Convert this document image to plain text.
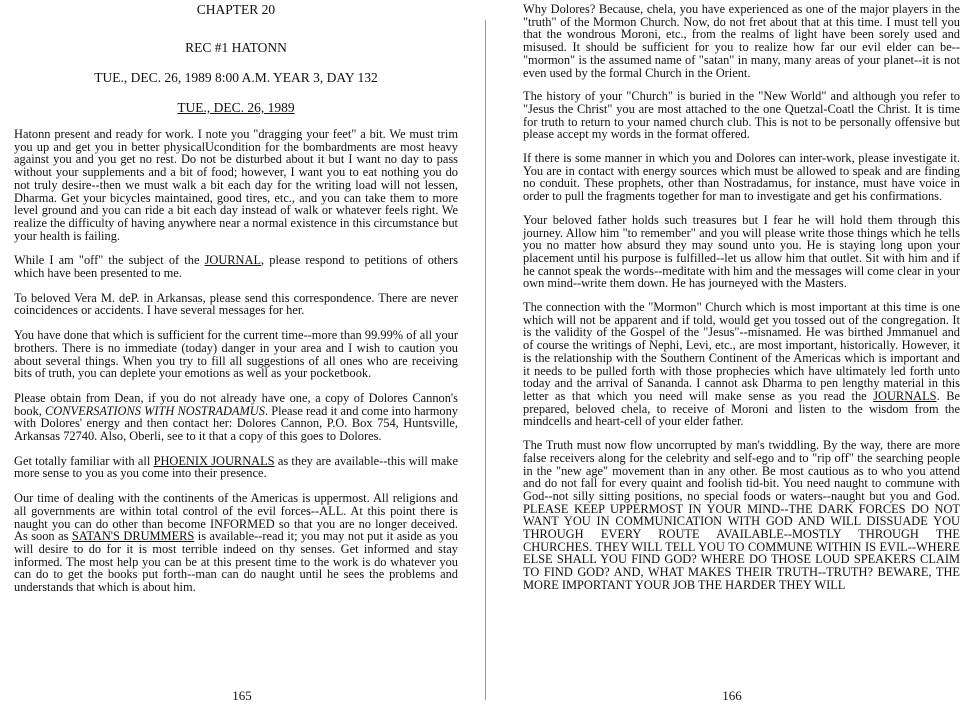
CHAPTER 20
REC #1 HATONN
TUE., DEC. 26, 1989 8:00 A.M. YEAR 3, DAY 132
TUE., DEC. 26, 1989

Hatonn present and ready for work. I note you "dragging your feet" a bit. We must trim you up and get you in better physicalUcondition for the bombardments are most heavy against you and you get no rest. Do not be disturbed about it but I want no day to pass without your supplements and a bit of food; however, I want you to eat nothing you do not truly desire--then we must walk a bit each day for the writing load will not lessen, Dharma. Get your bicycles maintained, good tires, etc., and you can take them to more level ground and you can ride a bit each day instead of walk or whatever feels right. We realize the difficulty of having anywhere near a normal existence in this circumstance but your health is failing.

While I am "off" the subject of the JOURNAL, please respond to petitions of others which have been presented to me.

To beloved Vera M. deP. in Arkansas, please send this correspondence. There are never coincidences or accidents. I have several messages for her.

You have done that which is sufficient for the current time--more than 99.99% of all your brothers. There is no immediate (today) danger in your area and I wish to caution you about several things. When you try to fill all suggestions of all ones who are receiving bits of truth, you can deplete your emotions as well as your pocketbook.

Please obtain from Dean, if you do not already have one, a copy of Dolores Cannon's book, CONVERSATIONS WITH NOSTRADAMUS. Please read it and come into harmony with Dolores' energy and then contact her: Dolores Cannon, P.O. Box 754, Huntsville, Arkansas 72740. Also, Oberli, see to it that a copy of this goes to Dolores.

Get totally familiar with all PHOENIX JOURNALS as they are available--this will make more sense to you as you come into their presence.

Our time of dealing with the continents of the Americas is uppermost. All religions and all governments are within total control of the evil forces--ALL. At this point there is naught you can do other than become INFORMED so that you are no longer deceived. As soon as SATAN'S DRUMMERS is available--read it; you may not put it aside as you will desire to do for it is most terrible indeed on thy senses. Get informed and stay informed. The most help you can be at this present time to the work is do whatever you can do to get the books put forth--man can do naught until he sees the problems and understands that which is about him.

165

Why Dolores? Because, chela, you have experienced as one of the major players in the "truth" of the Mormon Church. Now, do not fret about that at this time. I must tell you that the wondrous Moroni, etc., from the realms of light have been sorely used and misused. It should be sufficient for you to realize how far our evil elder can be--"mormon" is the assumed name of "satan" in many, many areas of your planet--it is not even used by the formal Church in the Orient.

The history of your "Church" is buried in the "New World" and although you refer to "Jesus the Christ" you are most attached to the one Quetzal-Coatl the Christ. It is time for truth to return to your named church club. This is not to be personally offensive but please accept my words in the format offered.

If there is some manner in which you and Dolores can inter-work, please investigate it. You are in contact with energy sources which must be allowed to speak and are finding no conduit. These prophets, other than Nostradamus, for instance, must have voice in order to pull the fragments together for man to investigate and get his confirmations.

Your beloved father holds such treasures but I fear he will hold them through this journey. Allow him "to remember" and you will please write those things which he tells you no matter how absurd they may sound unto you. He is staying long upon your placement until his purpose is fulfilled--let us allow him that outlet. Sit with him and if he cannot speak the words--meditate with him and the messages will come clear in your own mind--write them down. He has journeyed with the Masters.

The connection with the "Mormon" Church which is most important at this time is one which will not be apparent and if told, would get you tossed out of the congregation. It is the validity of the Gospel of the "Jesus"--misnamed. He was birthed Jmmanuel and of course the writings of Nephi, Levi, etc., are most important, historically. However, it is the relationship with the Southern Continent of the Americas which is important and it needs to be pulled forth with those prophecies which have ultimately led forth unto today and the arrival of Sananda. I cannot ask Dharma to pen lengthy material in this letter as that which you need will make sense as you read the JOURNALS. Be prepared, beloved chela, to receive of Moroni and listen to the wisdom from the mindcells and heart-cell of your elder father.

The Truth must now flow uncorrupted by man's twiddling. By the way, there are more false receivers along for the celebrity and self-ego and to "rip off" the searching people in the "new age" movement than in any other. Be most cautious as to who you attend and do not fall for every quaint and foolish tid-bit. You need naught to commune with God--not silly sitting positions, no special foods or waters--naught but you and God. PLEASE KEEP UPPERMOST IN YOUR MIND--THE DARK FORCES DO NOT WANT YOU IN COMMUNICATION WITH GOD AND WILL DISSUADE YOU THROUGH EVERY ROUTE AVAILABLE--MOSTLY THROUGH THE CHURCHES. THEY WILL TELL YOU TO COMMUNE WITHIN IS EVIL--WHERE ELSE SHALL YOU FIND GOD? WHERE DO THOSE LOUD SPEAKERS CLAIM TO FIND GOD? AND, WHAT MAKES THEIR TRUTH--TRUTH? BEWARE, THE MORE IMPORTANT YOUR JOB THE HARDER THEY WILL

166
